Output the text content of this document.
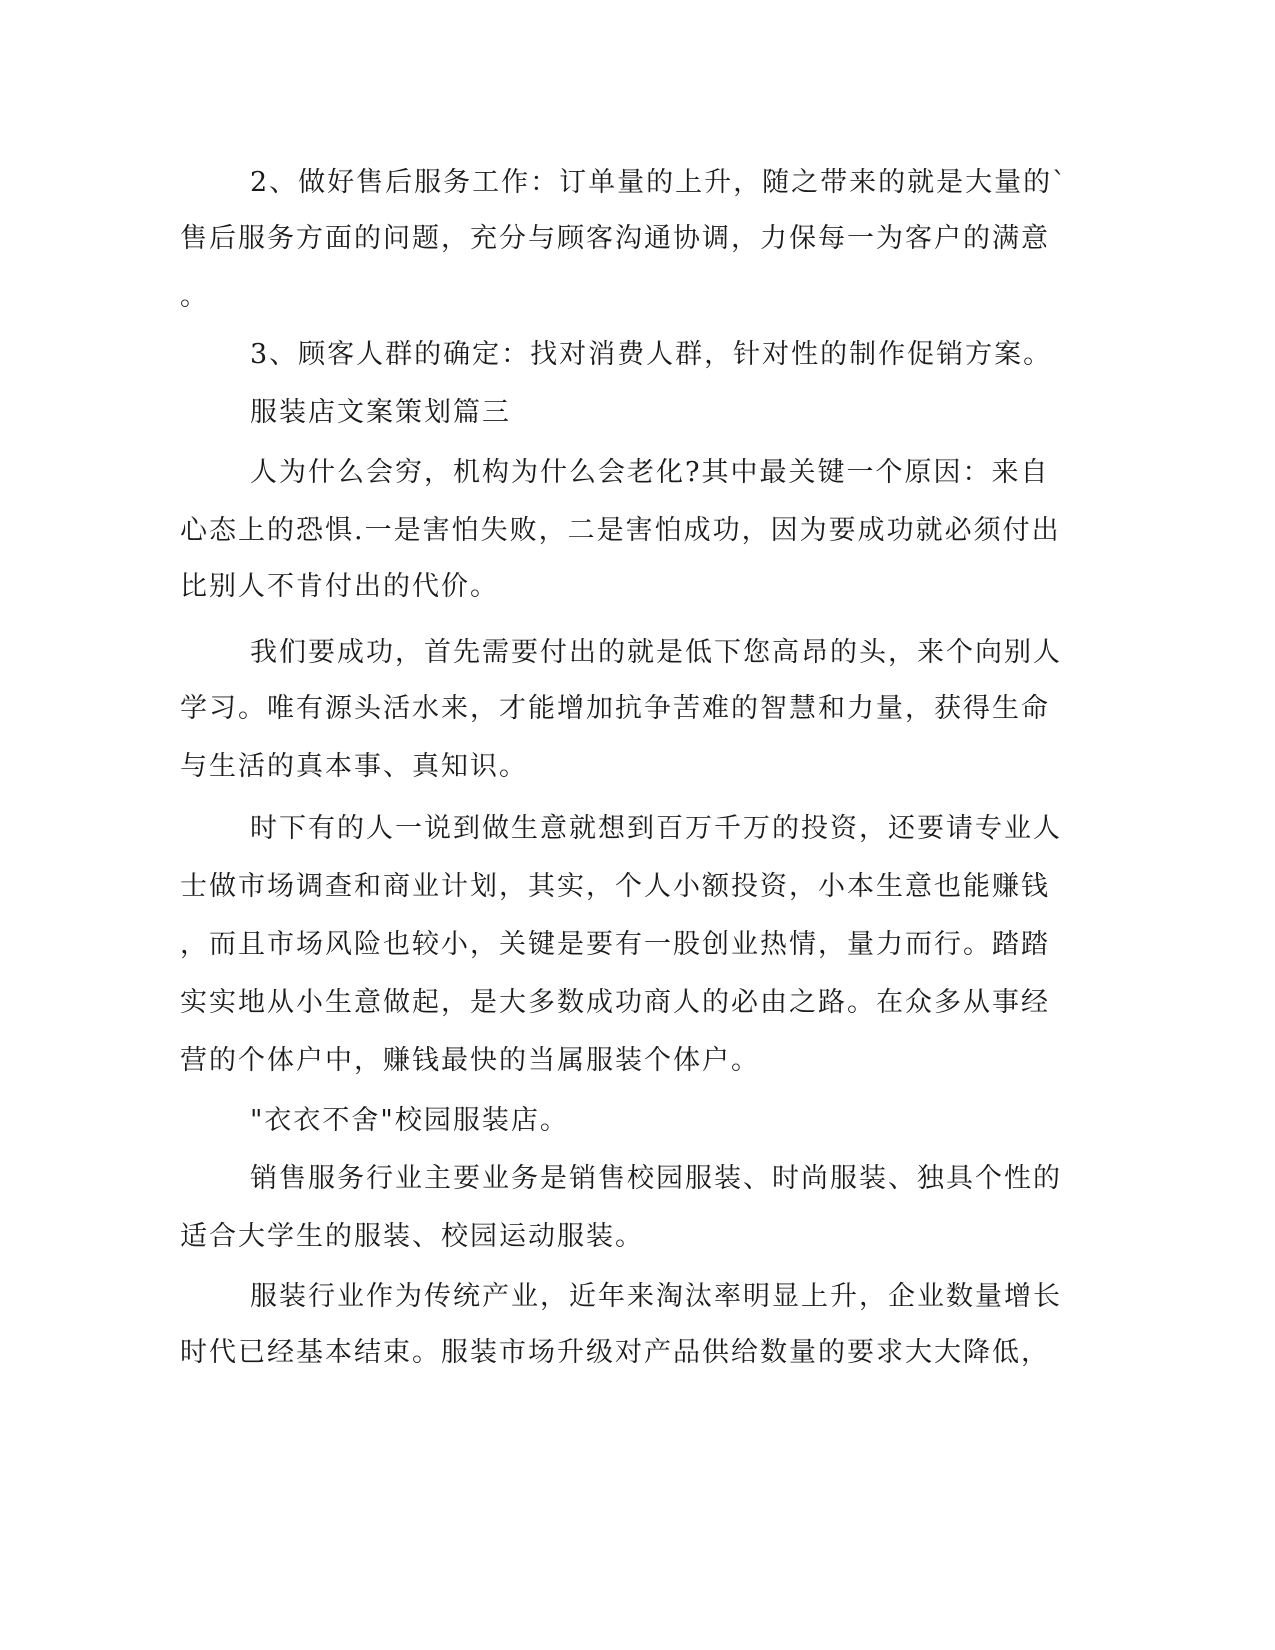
2、做好售后服务工作：订单量的上升，随之带来的就是大量的`

售后服务方面的问题，充分与顾客沟通协调，力保每一为客户的满意

。

3、顾客人群的确定：找对消费人群，针对性的制作促销方案。

服装店文案策划篇三

人为什么会穷，机构为什么会老化?其中最关键一个原因：来自

心态上的恐惧.一是害怕失败，二是害怕成功，因为要成功就必须付出

比别人不肯付出的代价。

我们要成功，首先需要付出的就是低下您高昂的头，来个向别人

学习。唯有源头活水来，才能增加抗争苦难的智慧和力量，获得生命

与生活的真本事、真知识。

时下有的人一说到做生意就想到百万千万的投资，还要请专业人

士做市场调查和商业计划，其实，个人小额投资，小本生意也能赚钱

，而且市场风险也较小，关键是要有一股创业热情，量力而行。踏踏

实实地从小生意做起，是大多数成功商人的必由之路。在众多从事经

营的个体户中，赚钱最快的当属服装个体户。

"衣衣不舍"校园服装店。

销售服务行业主要业务是销售校园服装、时尚服装、独具个性的

适合大学生的服装、校园运动服装。

服装行业作为传统产业，近年来淘汰率明显上升，企业数量增长

时代已经基本结束。服装市场升级对产品供给数量的要求大大降低，
